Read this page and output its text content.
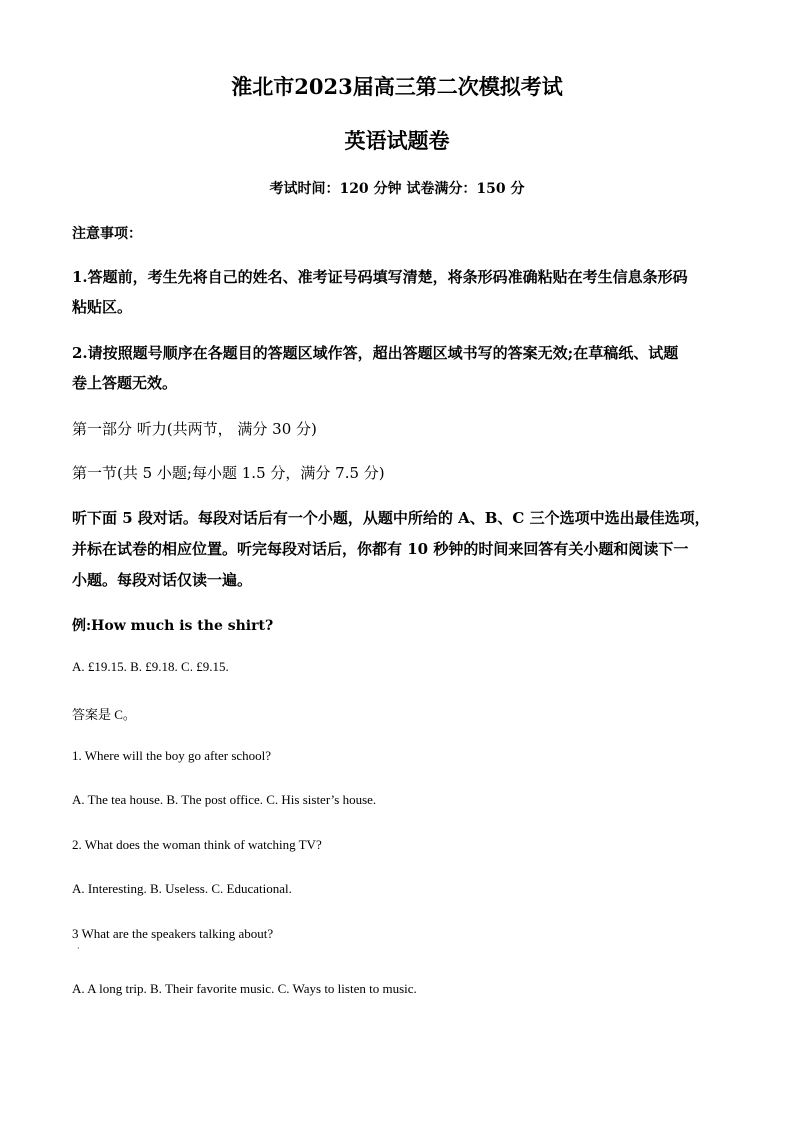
淮北市2023届高三第二次模拟考试
英语试题卷
考试时间：120 分钟 试卷满分：150 分
注意事项：
1.答题前，考生先将自己的姓名、准考证号码填写清楚，将条形码准确粘贴在考生信息条形码
粘贴区。
2.请按照题号顺序在各题目的答题区域作答，超出答题区域书写的答案无效;在草稿纸、试题
卷上答题无效。
第一部分 听力(共两节， 满分 30 分)
第一节(共 5 小题;每小题 1.5 分，满分 7.5 分)
听下面 5 段对话。每段对话后有一个小题，从题中所给的 A、B、C 三个选项中选出最佳选项，
并标在试卷的相应位置。听完每段对话后，你都有 10 秒钟的时间来回答有关小题和阅读下一
小题。每段对话仅读一遍。
例:How much is the shirt?
A. £19.15. B. £9.18. C. £9.15.
答案是 C。
1. Where will the boy go after school?
A. The tea house. B. The post office. C. His sister’s house.
2. What does the woman think of watching TV?
A. Interesting. B. Useless. C. Educational.
3 What are the speakers talking about?
·
A. A long trip. B. Their favorite music. C. Ways to listen to music.
